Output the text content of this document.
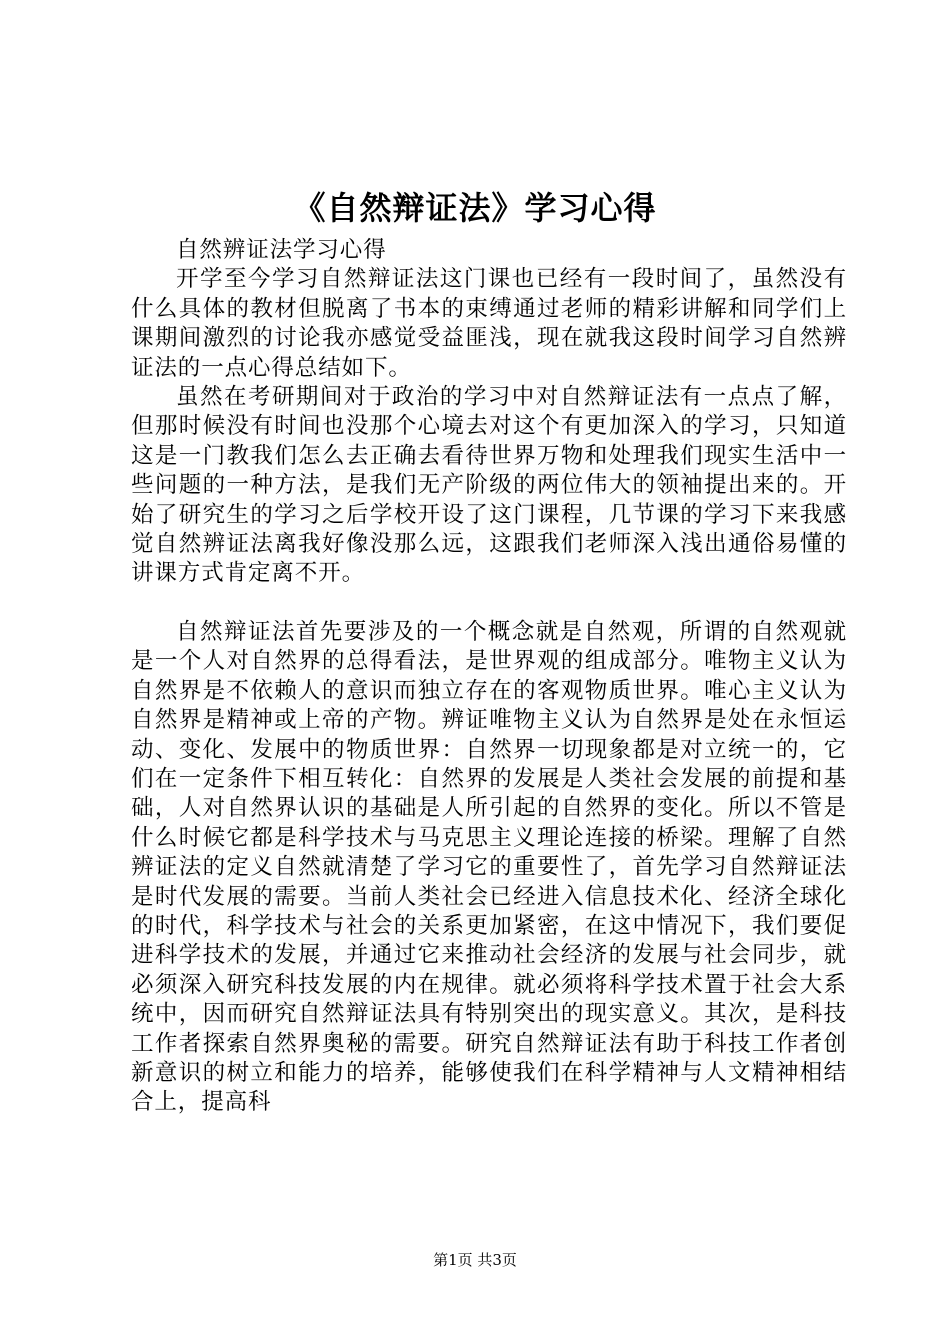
《自然辩证法》学习心得

自然辨证法学习心得

开学至今学习自然辩证法这门课也已经有一段时间了，虽然没有什么具体的教材但脱离了书本的束缚通过老师的精彩讲解和同学们上课期间激烈的讨论我亦感觉受益匪浅，现在就我这段时间学习自然辨证法的一点心得总结如下。

虽然在考研期间对于政治的学习中对自然辩证法有一点点了解，但那时候没有时间也没那个心境去对这个有更加深入的学习，只知道这是一门教我们怎么去正确去看待世界万物和处理我们现实生活中一些问题的一种方法，是我们无产阶级的两位伟大的领袖提出来的。开始了研究生的学习之后学校开设了这门课程，几节课的学习下来我感觉自然辨证法离我好像没那么远，这跟我们老师深入浅出通俗易懂的讲课方式肯定离不开。

自然辩证法首先要涉及的一个概念就是自然观，所谓的自然观就是一个人对自然界的总得看法，是世界观的组成部分。唯物主义认为自然界是不依赖人的意识而独立存在的客观物质世界。唯心主义认为自然界是精神或上帝的产物。辨证唯物主义认为自然界是处在永恒运动、变化、发展中的物质世界：自然界一切现象都是对立统一的，它们在一定条件下相互转化：自然界的发展是人类社会发展的前提和基础，人对自然界认识的基础是人所引起的自然界的变化。所以不管是什么时候它都是科学技术与马克思主义理论连接的桥梁。理解了自然辨证法的定义自然就清楚了学习它的重要性了，首先学习自然辩证法是时代发展的需要。当前人类社会已经进入信息技术化、经济全球化的时代，科学技术与社会的关系更加紧密，在这中情况下，我们要促进科学技术的发展，并通过它来推动社会经济的发展与社会同步，就必须深入研究科技发展的内在规律。就必须将科学技术置于社会大系统中，因而研究自然辩证法具有特别突出的现实意义。其次，是科技工作者探索自然界奥秘的需要。研究自然辩证法有助于科技工作者创新意识的树立和能力的培养，能够使我们在科学精神与人文精神相结合上，提高科

第1页 共3页
